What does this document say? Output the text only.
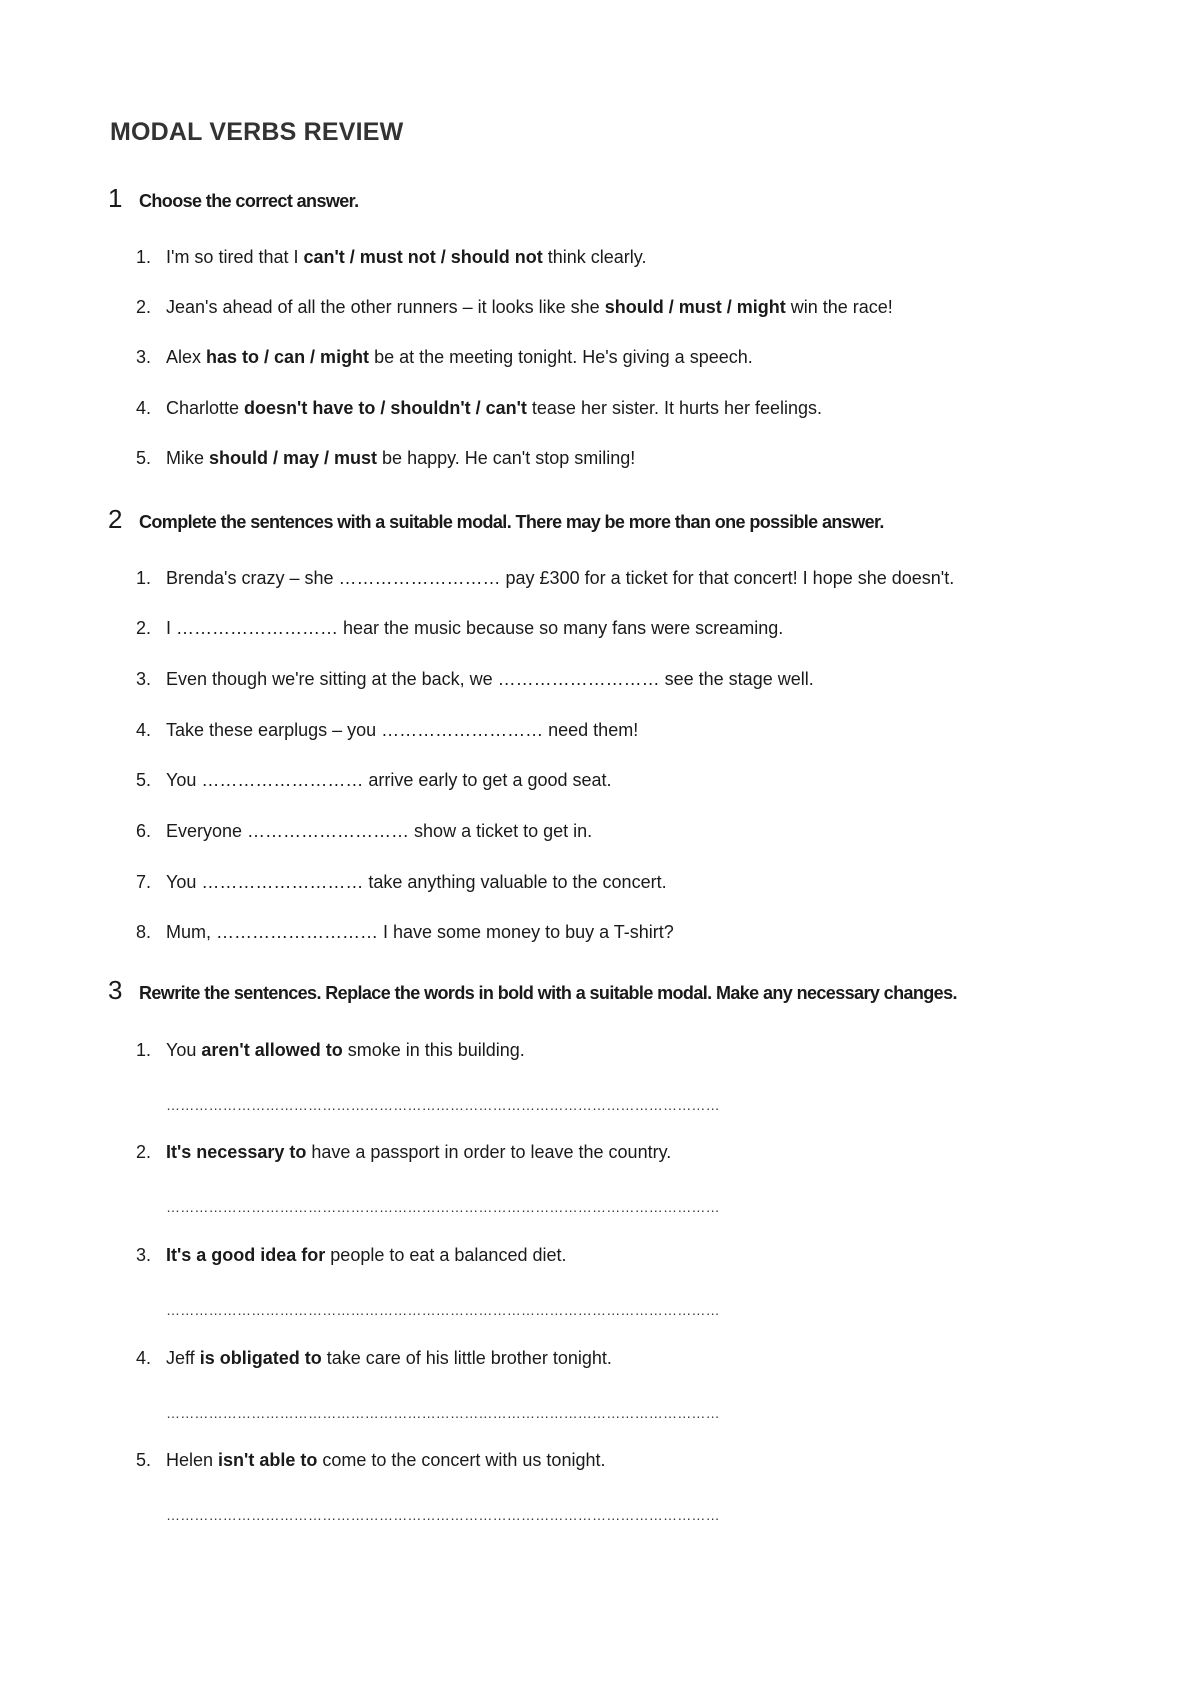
MODAL VERBS REVIEW
1 Choose the correct answer.
1. I'm so tired that I can't / must not / should not think clearly.
2. Jean's ahead of all the other runners – it looks like she should / must / might win the race!
3. Alex has to / can / might be at the meeting tonight. He's giving a speech.
4. Charlotte doesn't have to / shouldn't / can't tease her sister. It hurts her feelings.
5. Mike should / may / must be happy. He can't stop smiling!
2 Complete the sentences with a suitable modal. There may be more than one possible answer.
1. Brenda's crazy – she ……………………… pay £300 for a ticket for that concert! I hope she doesn't.
2. I ……………………… hear the music because so many fans were screaming.
3. Even though we're sitting at the back, we ……………………… see the stage well.
4. Take these earplugs – you ……………………… need them!
5. You ……………………… arrive early to get a good seat.
6. Everyone ……………………… show a ticket to get in.
7. You ……………………… take anything valuable to the concert.
8. Mum, ……………………… I have some money to buy a T-shirt?
3 Rewrite the sentences. Replace the words in bold with a suitable modal. Make any necessary changes.
1. You aren't allowed to smoke in this building.
………………………………………………………………………………………………………
2. It's necessary to have a passport in order to leave the country.
………………………………………………………………………………………………………
3. It's a good idea for people to eat a balanced diet.
………………………………………………………………………………………………………
4. Jeff is obligated to take care of his little brother tonight.
………………………………………………………………………………………………………
5. Helen isn't able to come to the concert with us tonight.
………………………………………………………………………………………………………
